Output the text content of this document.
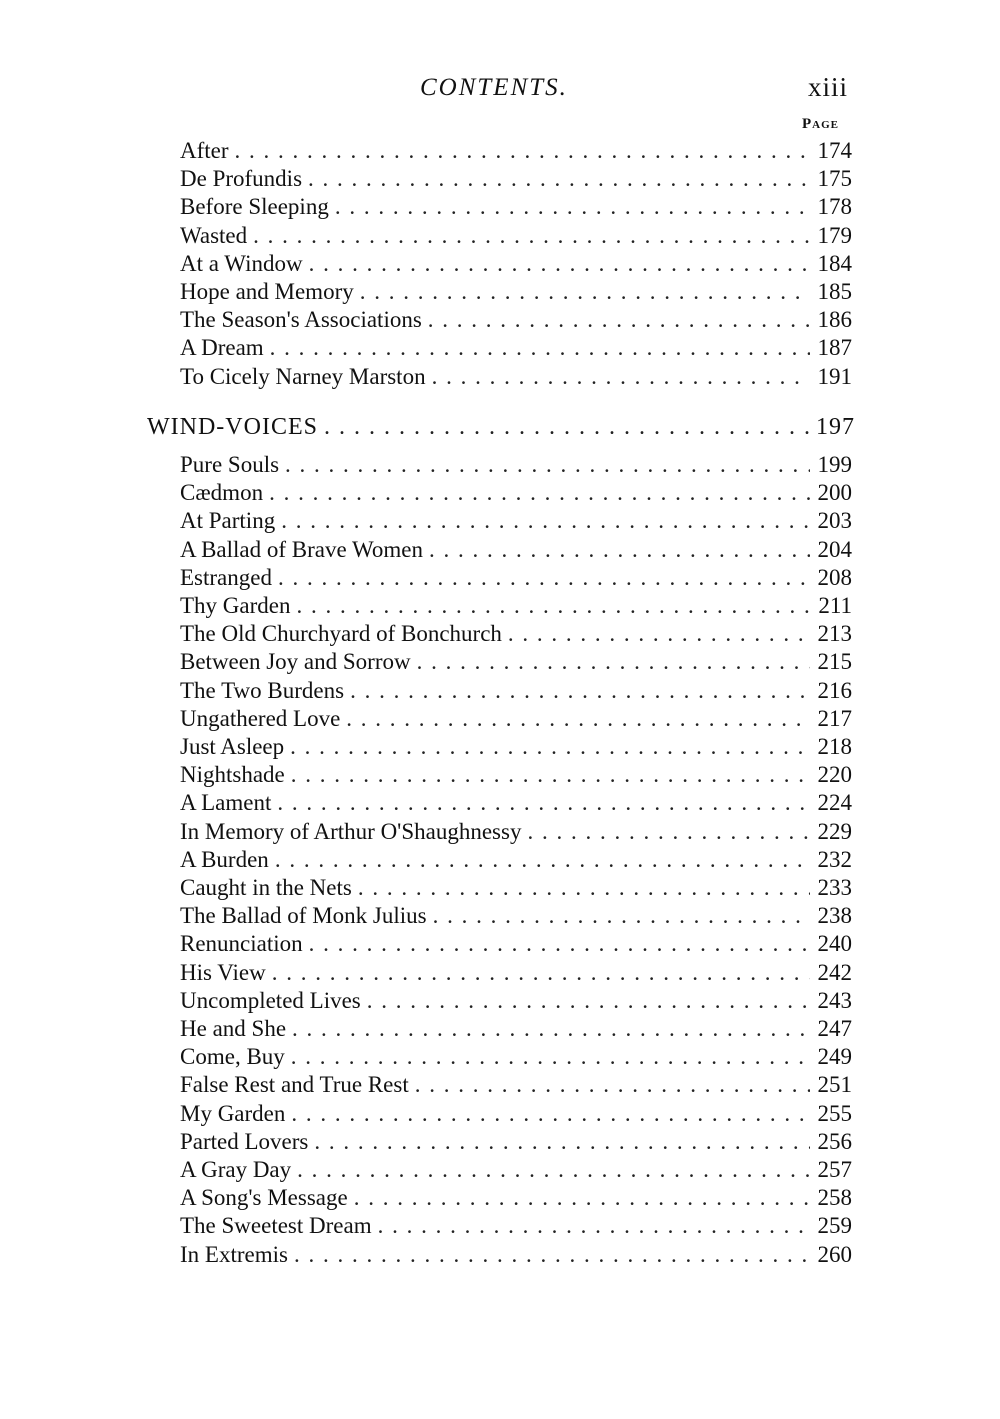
CONTENTS.	xiii
Page
After . . .	174
De Profundis . . .	175
Before Sleeping . . .	178
Wasted . . .	179
At a Window . . .	184
Hope and Memory . . .	185
The Season's Associations . . .	186
A Dream . . .	187
To Cicely Narney Marston . . .	191
WIND-VOICES . . .	197
Pure Souls . . .	199
Cædmon . . .	200
At Parting . . .	203
A Ballad of Brave Women . . .	204
Estranged . . .	208
Thy Garden . . .	211
The Old Churchyard of Bonchurch . . .	213
Between Joy and Sorrow . . .	215
The Two Burdens . . .	216
Ungathered Love . . .	217
Just Asleep . . .	218
Nightshade . . .	220
A Lament . . .	224
In Memory of Arthur O'Shaughnessy . . .	229
A Burden . . .	232
Caught in the Nets . . .	233
The Ballad of Monk Julius . . .	238
Renunciation . . .	240
His View . . .	242
Uncompleted Lives . . .	243
He and She . . .	247
Come, Buy . . .	249
False Rest and True Rest . . .	251
My Garden . . .	255
Parted Lovers . . .	256
A Gray Day . . .	257
A Song's Message . . .	258
The Sweetest Dream . . .	259
In Extremis . . .	260
